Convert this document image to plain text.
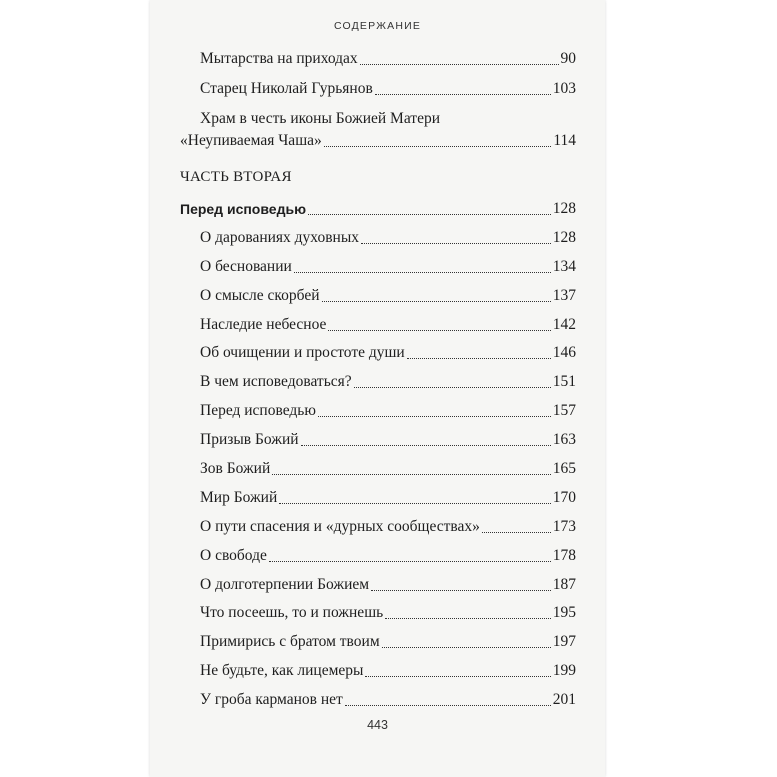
СОДЕРЖАНИЕ
Мытарства на приходах	90
Старец Николай Гурьянов	103
Храм в честь иконы Божией Матери
«Неупиваемая Чаша»	114
ЧАСТЬ ВТОРАЯ
Перед исповедью	128
О дарованиях духовных	128
О бесновании	134
О смысле скорбей	137
Наследие небесное	142
Об очищении и простоте души	146
В чем исповедоваться?	151
Перед исповедью	157
Призыв Божий	163
Зов Божий	165
Мир Божий	170
О пути спасения и «дурных сообществах»	173
О свободе	178
О долготерпении Божием	187
Что посеешь, то и пожнешь	195
Примирись с братом твоим	197
Не будьте, как лицемеры	199
У гроба карманов нет	201
443
